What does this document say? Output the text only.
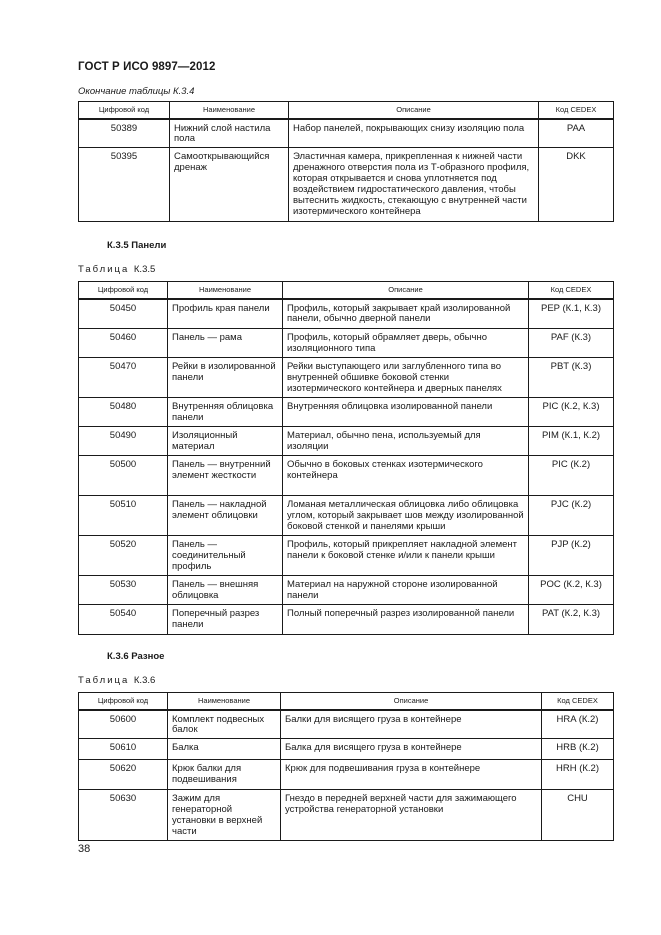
ГОСТ Р ИСО 9897—2012
Окончание таблицы К.3.4
Цифровой код	Наименование	Описание	Код CEDEX
50389	Нижний слой настила пола	Набор панелей, покрывающих снизу изоляцию пола	PAA
50395	Самооткрывающийся дренаж	Эластичная камера, прикрепленная к нижней части дренажного отверстия пола из Т-образного профиля, которая открывается и снова уплотняется под воздействием гидростатического давления, чтобы вытеснить жидкость, стекающую с внутренней части изотермического контейнера	DKK
К.3.5 Панели
Таблица К.3.5
Цифровой код	Наименование	Описание	Код CEDEX
50450	Профиль края панели	Профиль, который закрывает край изолированной панели, обычно дверной панели	PEP (К.1, К.3)
50460	Панель — рама	Профиль, который обрамляет дверь, обычно изоляционного типа	PAF (К.3)
50470	Рейки в изолированной панели	Рейки выступающего или заглубленного типа во внутренней обшивке боковой стенки изотермического контейнера и дверных панелях	PBT (К.3)
50480	Внутренняя облицовка панели	Внутренняя облицовка изолированной панели	PIC (К.2, К.3)
50490	Изоляционный материал	Материал, обычно пена, используемый для изоляции	PIM (К.1, К.2)
50500	Панель — внутренний элемент жесткости	Обычно в боковых стенках изотермического контейнера	PIC (К.2)
50510	Панель — накладной элемент облицовки	Ломаная металлическая облицовка либо облицовка углом, который закрывает шов между изолированной боковой стенкой и панелями крыши	PJC (К.2)
50520	Панель — соединительный профиль	Профиль, который прикрепляет накладной элемент панели к боковой стенке и/или к панели крыши	PJP (К.2)
50530	Панель — внешняя облицовка	Материал на наружной стороне изолированной панели	POC (К.2, К.3)
50540	Поперечный разрез панели	Полный поперечный разрез изолированной панели	PAT (К.2, К.3)
К.3.6 Разное
Таблица К.3.6
Цифровой код	Наименование	Описание	Код CEDEX
50600	Комплект подвесных балок	Балки для висящего груза в контейнере	HRA (К.2)
50610	Балка	Балка для висящего груза в контейнере	HRB (К.2)
50620	Крюк балки для подвешивания	Крюк для подвешивания груза в контейнере	HRH (К.2)
50630	Зажим для генераторной установки в верхней части	Гнездо в передней верхней части для зажимающего устройства генераторной установки	CHU
38
